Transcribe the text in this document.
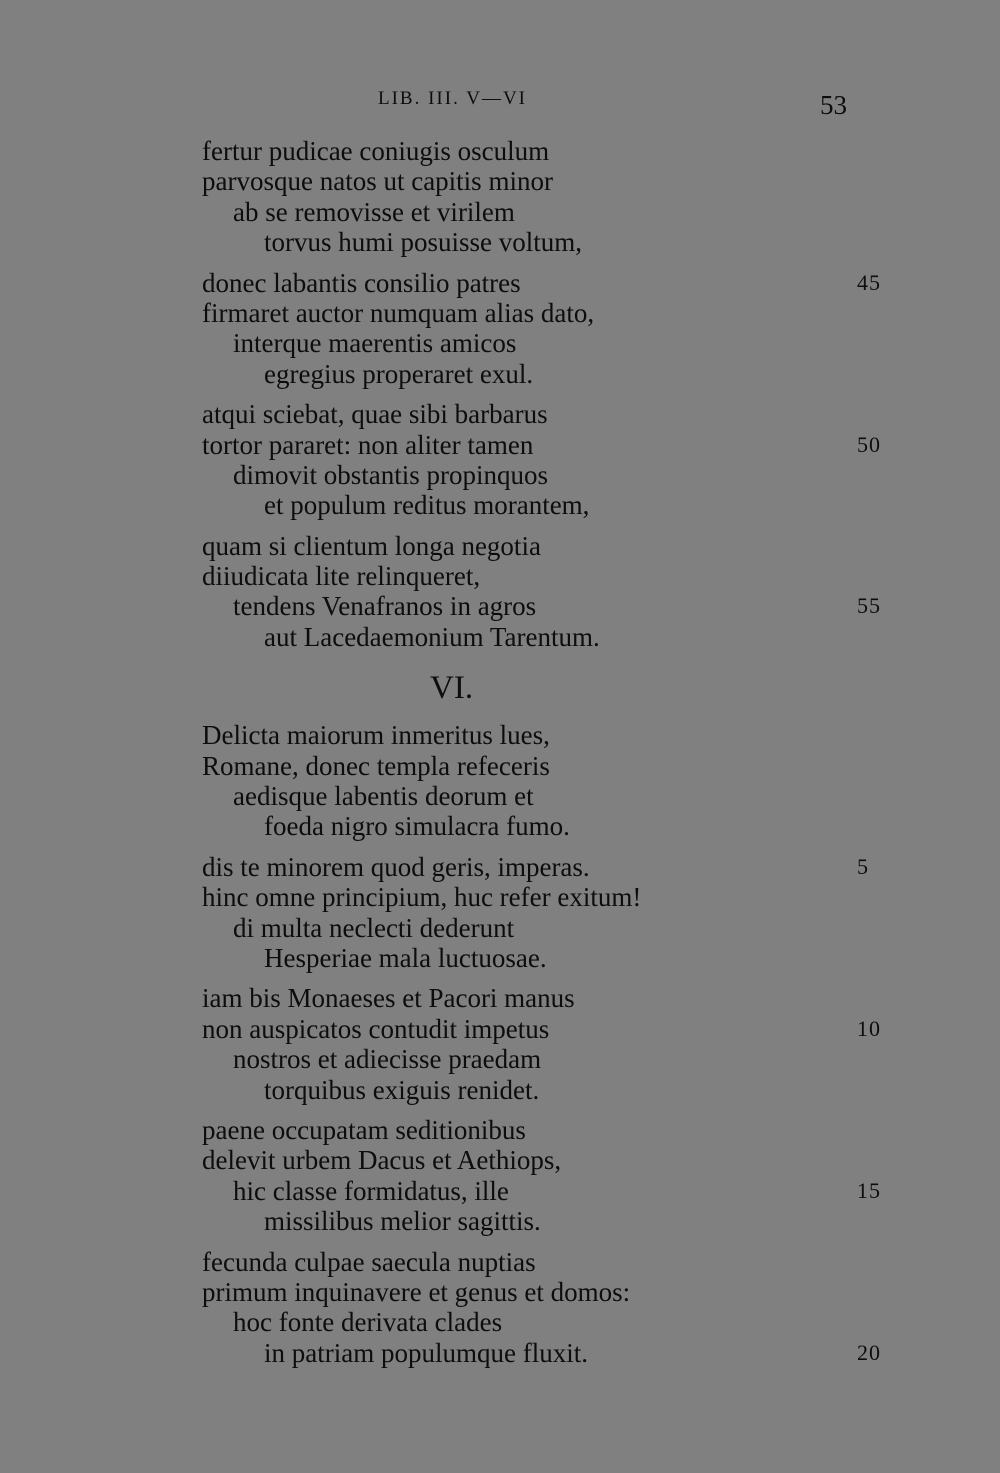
LIB. III. V—VI	53
fertur pudicae coniugis osculum
parvosque natos ut capitis minor
ab se removisse et virilem
torvus humi posuisse voltum,
donec labantis consilio patres	45
firmaret auctor numquam alias dato,
interque maerentis amicos
egregius properaret exul.
atqui sciebat, quae sibi barbarus
tortor pararet: non aliter tamen	50
dimovit obstantis propinquos
et populum reditus morantem,
quam si clientum longa negotia
diiudicata lite relinqueret,
tendens Venafranos in agros	55
aut Lacedaemonium Tarentum.
VI.
Delicta maiorum inmeritus lues,
Romane, donec templa refeceris
aedisque labentis deorum et
foeda nigro simulacra fumo.
dis te minorem quod geris, imperas.	5
hinc omne principium, huc refer exitum!
di multa neclecti dederunt
Hesperiae mala luctuosae.
iam bis Monaeses et Pacori manus
non auspicatos contudit impetus	10
nostros et adiecisse praedam
torquibus exiguis renidet.
paene occupatam seditionibus
delevit urbem Dacus et Aethiops,
hic classe formidatus, ille	15
missilibus melior sagittis.
fecunda culpae saecula nuptias
primum inquinavere et genus et domos:
hoc fonte derivata clades
in patriam populumque fluxit.	20
